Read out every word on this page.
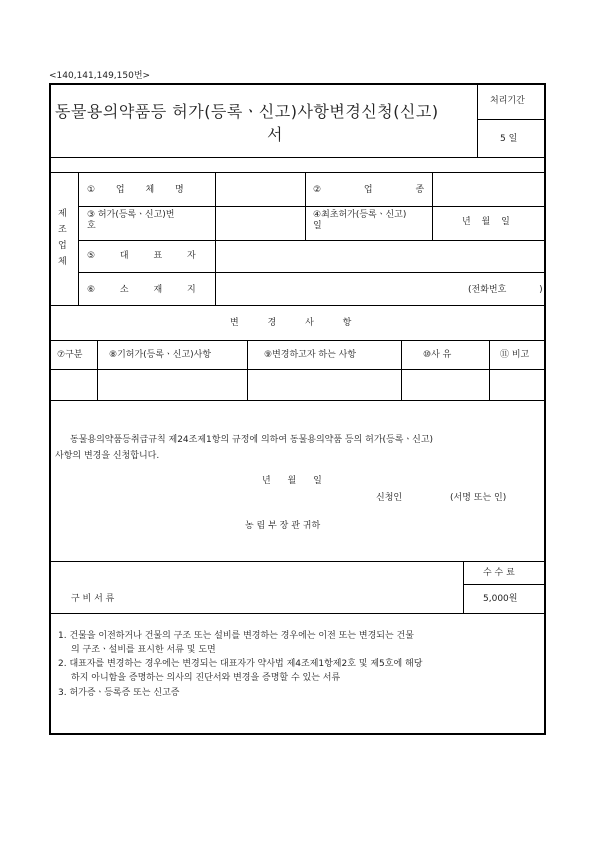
<140,141,149,150번>
동물용의약품등 허가(등록ㆍ신고)사항변경신청(신고)
서
처리기간
5 일
제
조
업
체
① 업 체 명	② 업 종
③ 허가(등록ㆍ신고)번
호
④최초허가(등록ㆍ신고)
일	년 월 일
⑤ 대 표 자
⑥ 소 재 지	(전화번호 )
변 경 사 항
⑦구분	⑧기허가(등록ㆍ신고)사항	⑨변경하고자 하는 사항	⑩사 유	⑪ 비고
동물용의약품등취급규칙 제24조제1항의 규정에 의하여 동물용의약품 등의 허가(등록ㆍ신고)
사항의 변경을 신청합니다.
년 월 일
신청인	(서명 또는 인)
농 림 부 장 관 귀하
수 수 료
5,000원
구 비 서 류
1. 건물을 이전하거나 건물의 구조 또는 설비를 변경하는 경우에는 이전 또는 변경되는 건물
의 구조ㆍ설비를 표시한 서류 및 도면
2. 대표자를 변경하는 경우에는 변경되는 대표자가 약사법 제4조제1항제2호 및 제5호에 해당
하지 아니함을 증명하는 의사의 진단서와 변경을 증명할 수 있는 서류
3. 허가증ㆍ등록증 또는 신고증
